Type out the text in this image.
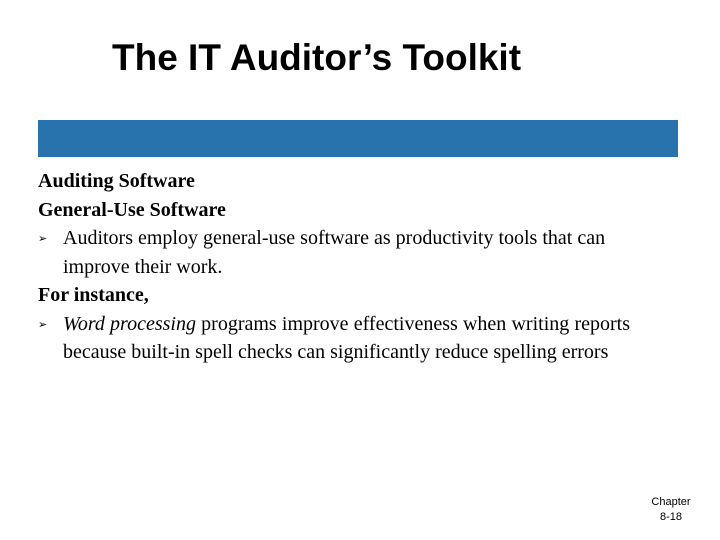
The IT Auditor’s Toolkit
Auditing Software
General-Use Software
➢ Auditors employ general-use software as productivity tools that can improve their work.
For instance,
➢ Word processing programs improve effectiveness when writing reports because built-in spell checks can significantly reduce spelling errors
Chapter
8-18
